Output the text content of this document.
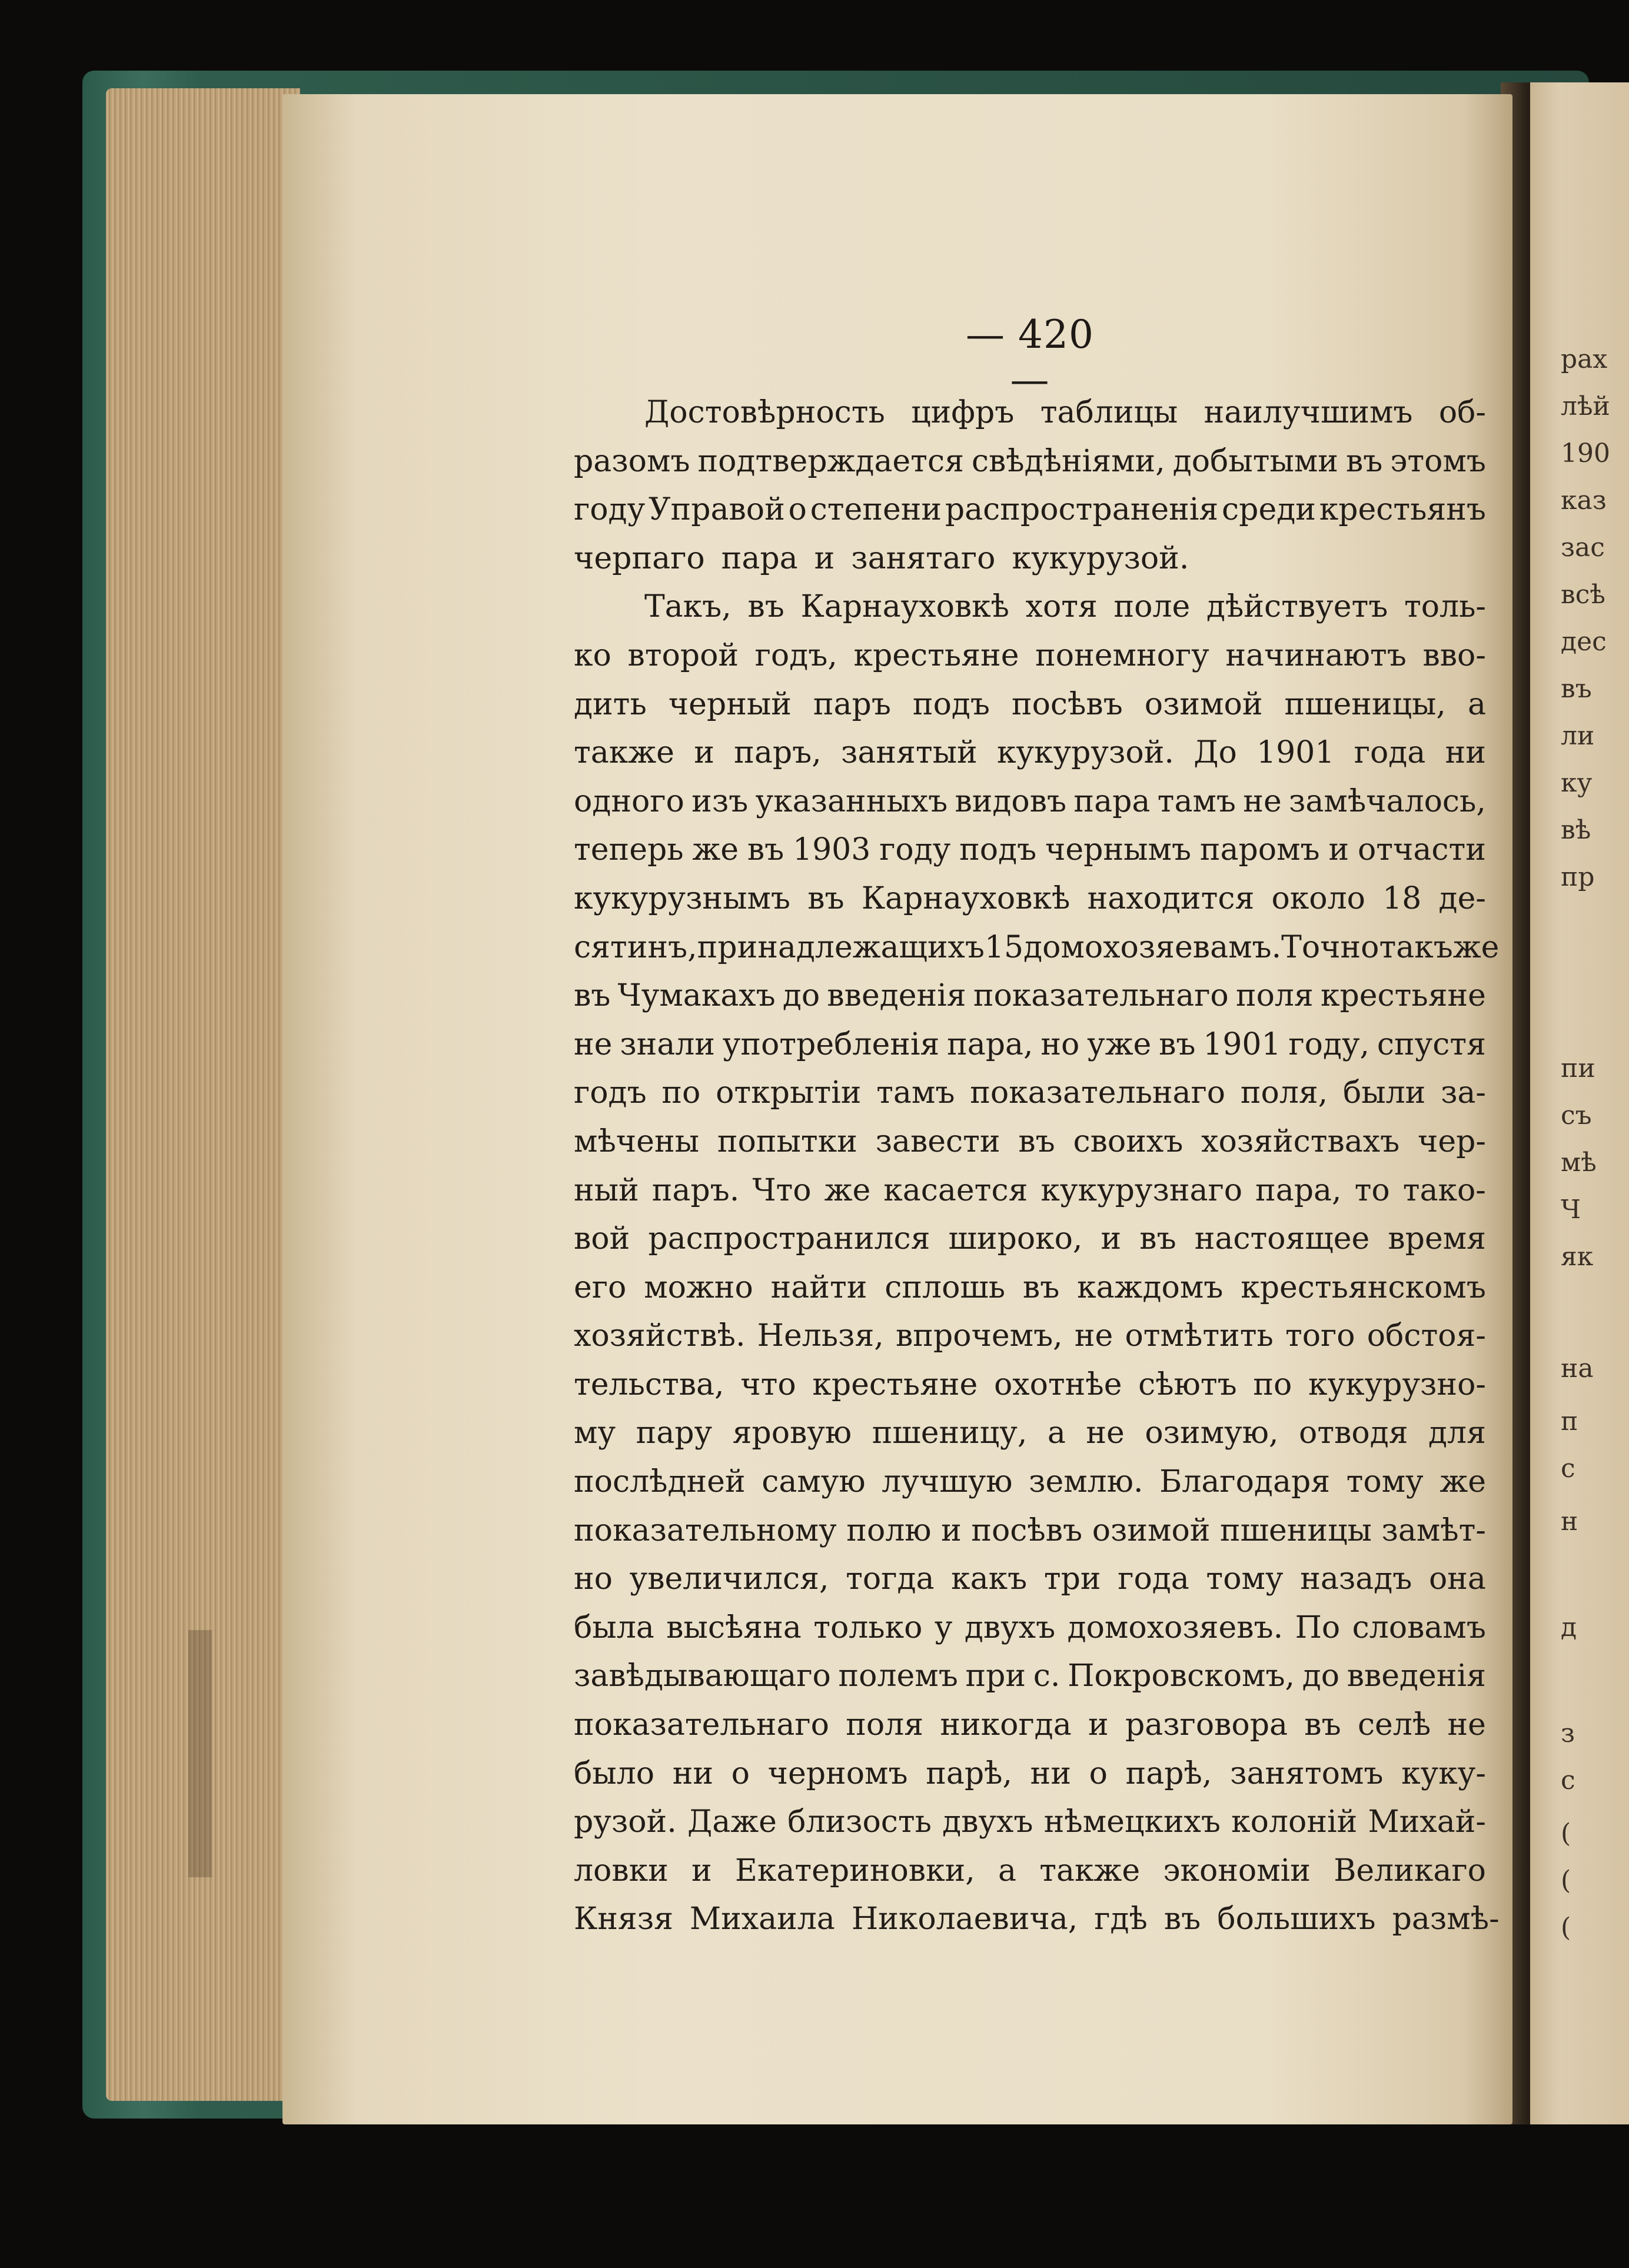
рах
лѣй
190
каз
зас
всѣ
дес
въ
ли
ку
вѣ
пр
пи
съ
мѣ
Ч
як
на
п
с
н
д
з
с
(
(
(
— 420 —
Достовѣрность цифръ таблицы наилучшимъ об-
разомъ подтверждается свѣдѣніями, добытыми въ этомъ
году Управой о степени распространенія среди крестьянъ
черпаго пара и занятаго кукурузой.
Такъ, въ Карнауховкѣ хотя поле дѣйствуетъ толь-
ко второй годъ, крестьяне понемногу начинаютъ вво-
дить черный паръ подъ посѣвъ озимой пшеницы, а
также и паръ, занятый кукурузой. До 1901 года ни
одного изъ указанныхъ видовъ пара тамъ не замѣчалось,
теперь же въ 1903 году подъ чернымъ паромъ и отчасти
кукурузнымъ въ Карнауховкѣ находится около 18 де-
сятинъ, принадлежащихъ 15 домохозяевамъ. Точно такъ же
въ Чумакахъ до введенія показательнаго поля крестьяне
не знали употребленія пара, но уже въ 1901 году, спустя
годъ по открытіи тамъ показательнаго поля, были за-
мѣчены попытки завести въ своихъ хозяйствахъ чер-
ный паръ. Что же касается кукурузнаго пара, то тако-
вой распространился широко, и въ настоящее время
его можно найти сплошь въ каждомъ крестьянскомъ
хозяйствѣ. Нельзя, впрочемъ, не отмѣтить того обстоя-
тельства, что крестьяне охотнѣе сѣютъ по кукурузно-
му пару яровую пшеницу, а не озимую, отводя для
послѣдней самую лучшую землю. Благодаря тому же
показательному полю и посѣвъ озимой пшеницы замѣт-
но увеличился, тогда какъ три года тому назадъ она
была высѣяна только у двухъ домохозяевъ. По словамъ
завѣдывающаго полемъ при с. Покровскомъ, до введенія
показательнаго поля никогда и разговора въ селѣ не
было ни о черномъ парѣ, ни о парѣ, занятомъ куку-
рузой. Даже близость двухъ нѣмецкихъ колоній Михай-
ловки и Екатериновки, а также экономіи Великаго
Князя Михаила Николаевича, гдѣ въ большихъ размѣ-
